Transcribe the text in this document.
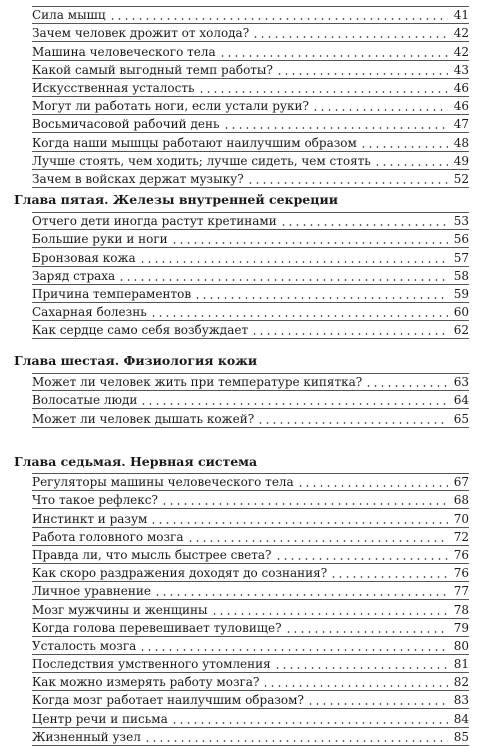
Сила мышц	41
Зачем человек дрожит от холода?	42
Машина человеческого тела	42
Какой самый выгодный темп работы?	43
Искусственная усталость	46
Могут ли работать ноги, если устали руки?	46
Восьмичасовой рабочий день	47
Когда наши мышцы работают наилучшим образом	48
Лучше стоять, чем ходить; лучше сидеть, чем стоять	49
Зачем в войсках держат музыку?	52
Глава пятая. Железы внутренней секреции
Отчего дети иногда растут кретинами	53
Большие руки и ноги	56
Бронзовая кожа	57
Заряд страха	58
Причина темпераментов	59
Сахарная болезнь	60
Как сердце само себя возбуждает	62
Глава шестая. Физиология кожи
Может ли человек жить при температуре кипятка?	63
Волосатые люди	64
Может ли человек дышать кожей?	65
Глава седьмая. Нервная система
Регуляторы машины человеческого тела	67
Что такое рефлекс?	68
Инстинкт и разум	70
Работа головного мозга	72
Правда ли, что мысль быстрее света?	76
Как скоро раздражения доходят до сознания?	76
Личное уравнение	77
Мозг мужчины и женщины	78
Когда голова перевешивает туловище?	79
Усталость мозга	80
Последствия умственного утомления	81
Как можно измерять работу мозга?	82
Когда мозг работает наилучшим образом?	83
Центр речи и письма	84
Жизненный узел	85
